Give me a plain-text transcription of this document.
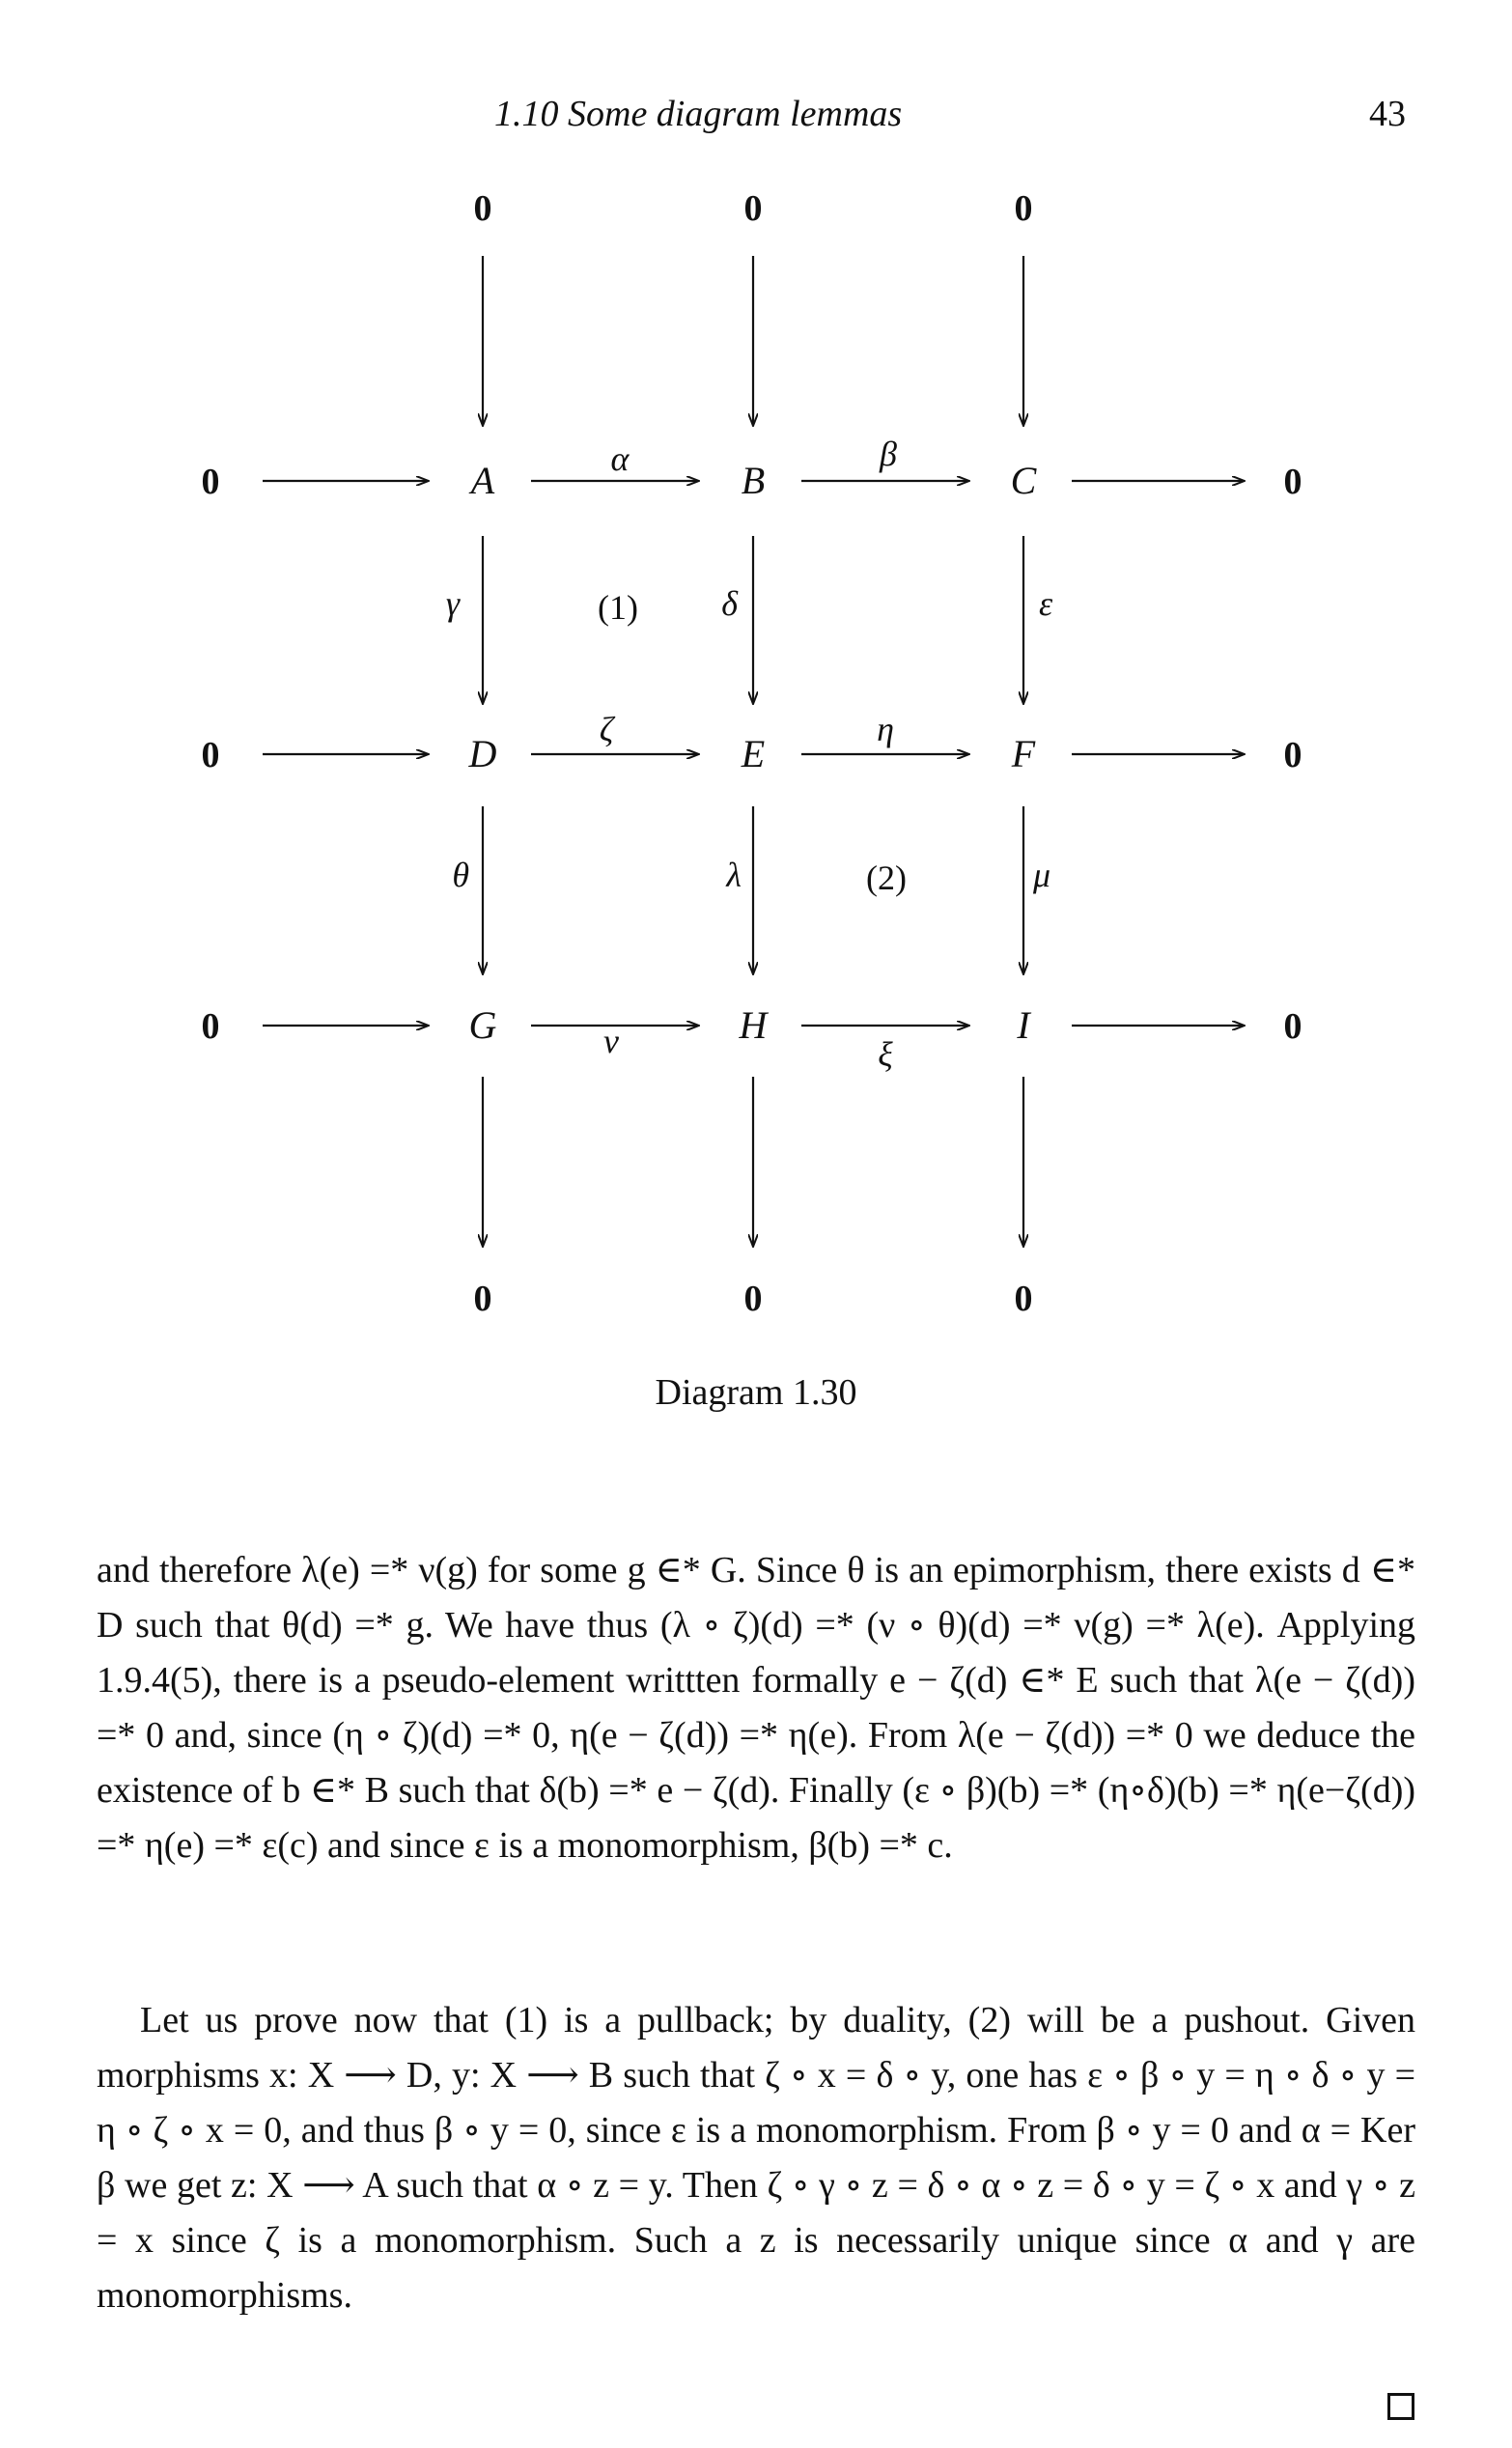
1.10 Some diagram lemmas	43
0	0	0
0	0	0
0
0
0
0
0
0
A	B	C
D	E	F
G	H	I
α	β
ζ	η
ν	ξ
γ	δ	ε
θ	λ	μ
(1)
(2)
Diagram 1.30

and therefore λ(e) =* ν(g) for some g ∈* G. Since θ is an epimorphism, there exists d ∈* D such that θ(d) =* g. We have thus (λ ∘ ζ)(d) =* (ν ∘ θ)(d) =* ν(g) =* λ(e). Applying 1.9.4(5), there is a pseudo-element writtten formally e − ζ(d) ∈* E such that λ(e − ζ(d)) =* 0 and, since (η ∘ ζ)(d) =* 0, η(e − ζ(d)) =* η(e). From λ(e − ζ(d)) =* 0 we deduce the existence of b ∈* B such that δ(b) =* e − ζ(d). Finally (ε ∘ β)(b) =* (η∘δ)(b) =* η(e−ζ(d)) =* η(e) =* ε(c) and since ε is a monomorphism, β(b) =* c.

Let us prove now that (1) is a pullback; by duality, (2) will be a pushout. Given morphisms x: X ⟶ D, y: X ⟶ B such that ζ ∘ x = δ ∘ y, one has ε ∘ β ∘ y = η ∘ δ ∘ y = η ∘ ζ ∘ x = 0, and thus β ∘ y = 0, since ε is a monomorphism. From β ∘ y = 0 and α = Ker β we get z: X ⟶ A such that α ∘ z = y. Then ζ ∘ γ ∘ z = δ ∘ α ∘ z = δ ∘ y = ζ ∘ x and γ ∘ z = x since ζ is a monomorphism. Such a z is necessarily unique since α and γ are monomorphisms.
